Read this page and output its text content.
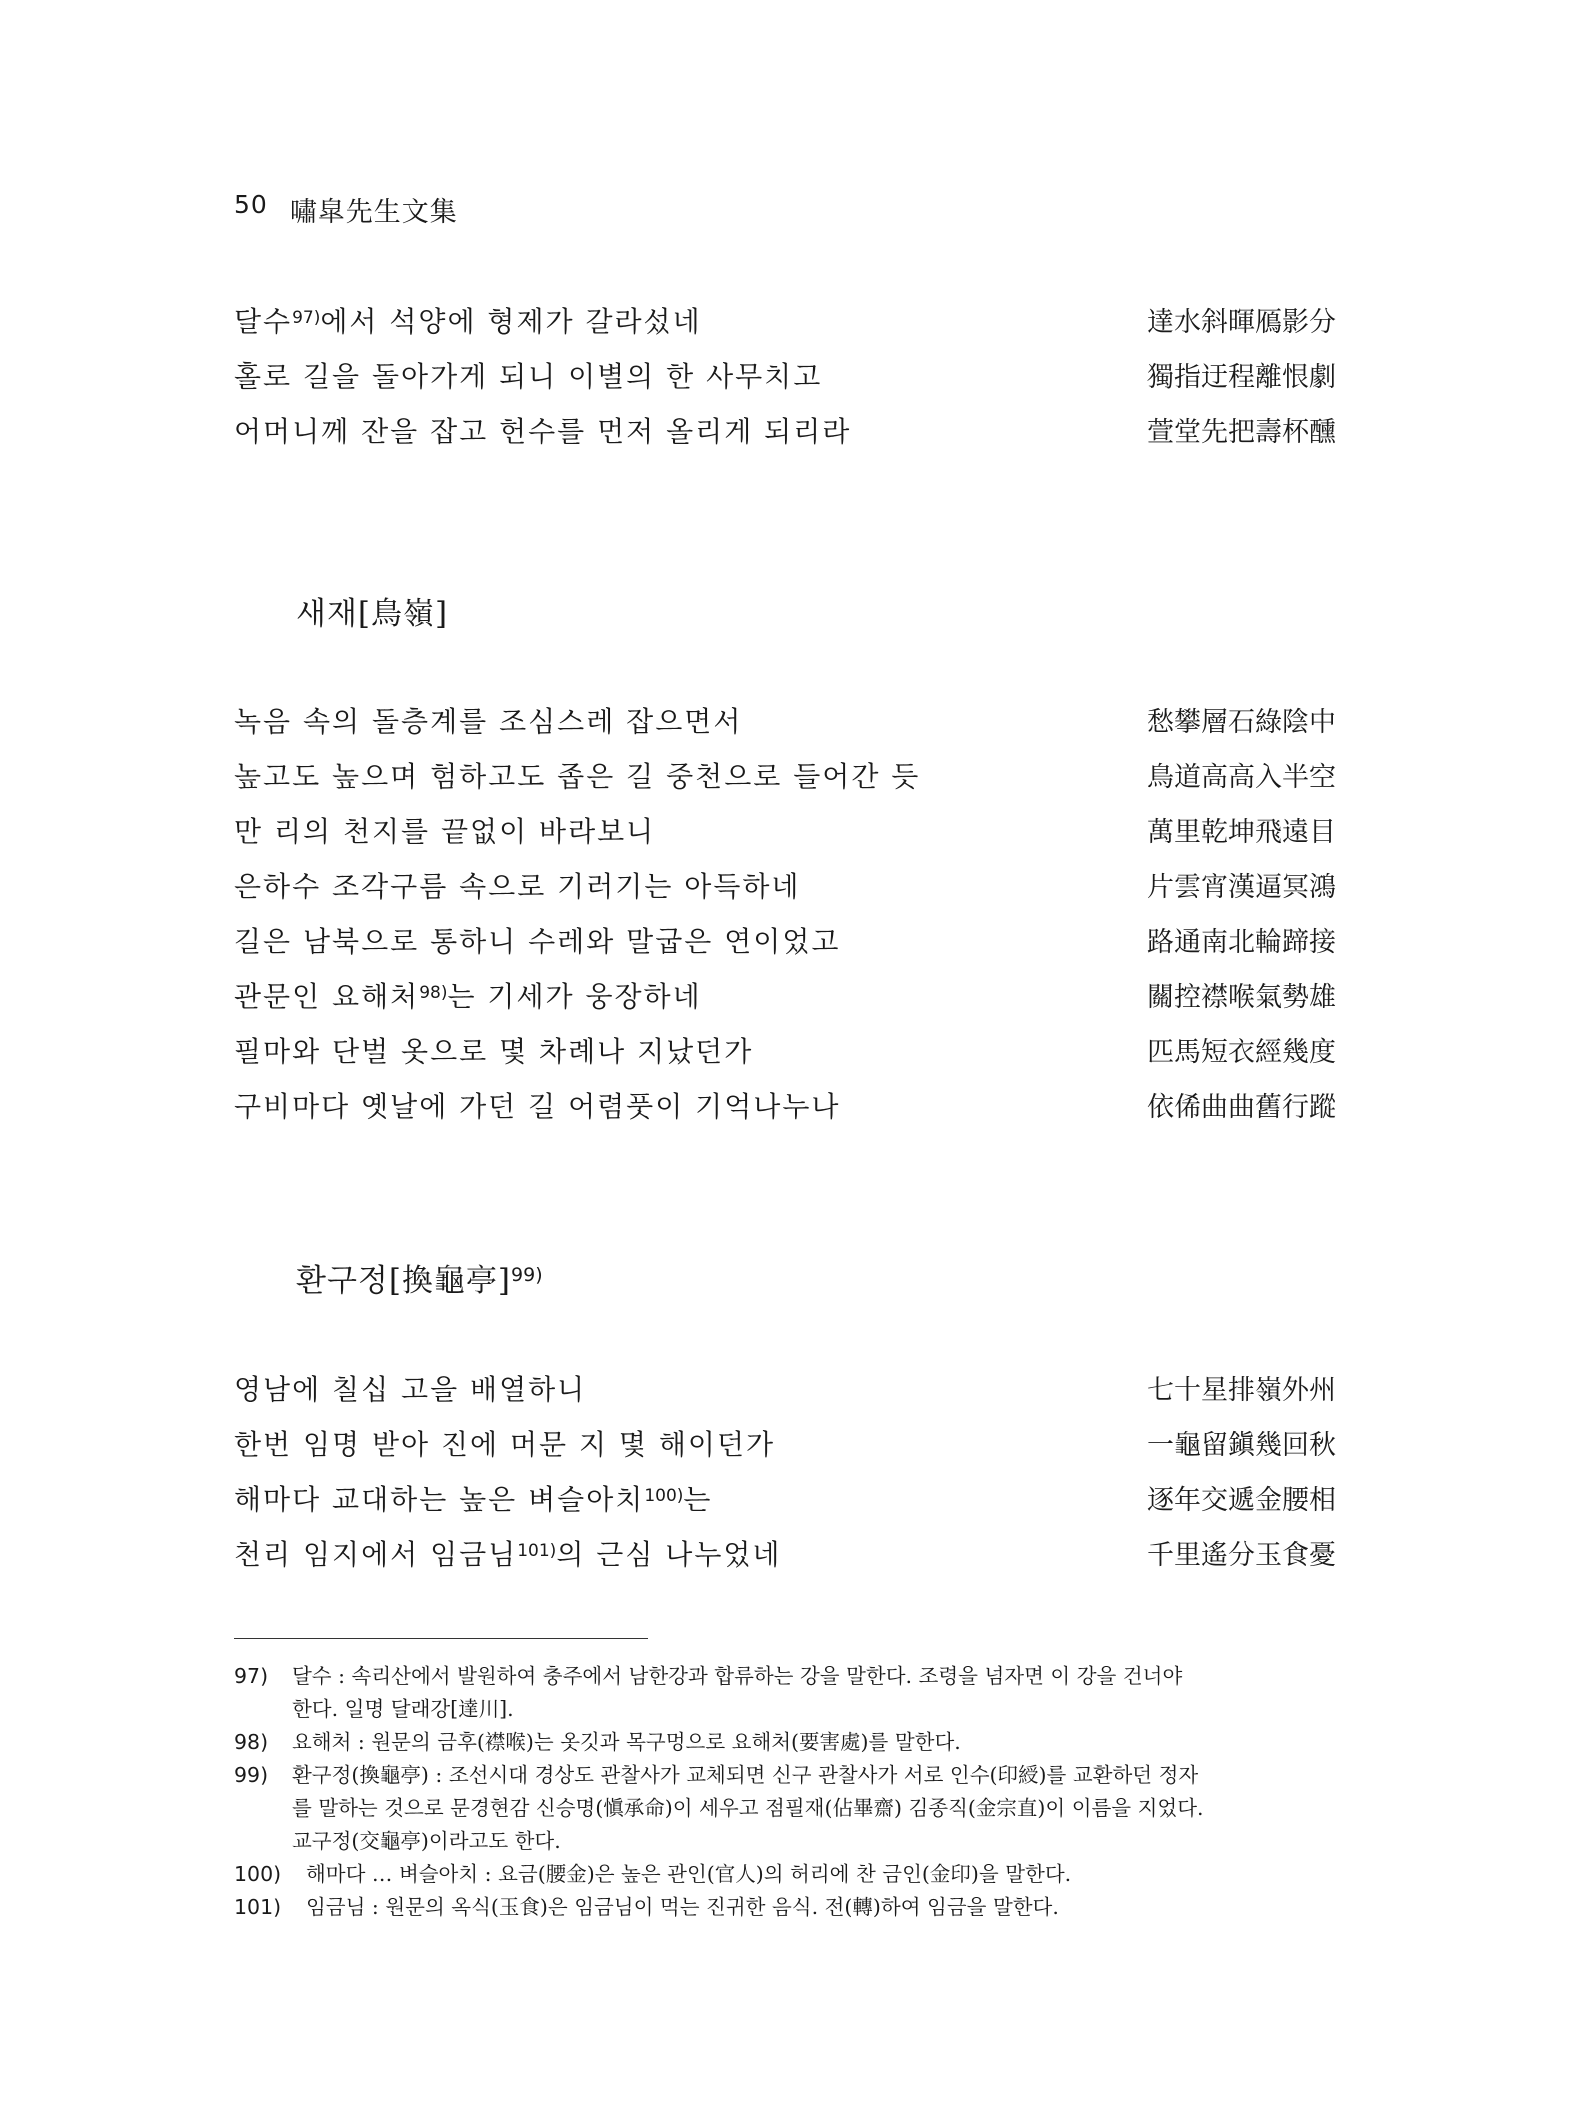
50 嘯皐先生文集
달수$^{97)}$에서 석양에 형제가 갈라섰네	達水斜暉鴈影分
홀로 길을 돌아가게 되니 이별의 한 사무치고	獨指迂程離恨劇
어머니께 잔을 잡고 헌수를 먼저 올리게 되리라	萱堂先把壽杯醺
새재[鳥嶺]
녹음 속의 돌층계를 조심스레 잡으면서	愁攀層石綠陰中
높고도 높으며 험하고도 좁은 길 중천으로 들어간 듯	鳥道高高入半空
만 리의 천지를 끝없이 바라보니	萬里乾坤飛遠目
은하수 조각구름 속으로 기러기는 아득하네	片雲宵漢逼冥鴻
길은 남북으로 통하니 수레와 말굽은 연이었고	路通南北輪蹄接
관문인 요해처$^{98)}$는 기세가 웅장하네	關控襟喉氣勢雄
필마와 단벌 옷으로 몇 차례나 지났던가	匹馬短衣經幾度
구비마다 옛날에 가던 길 어렴풋이 기억나누나	依俙曲曲舊行蹤
환구정[換龜亭]$^{99)}$
영남에 칠십 고을 배열하니	七十星排嶺外州
한번 임명 받아 진에 머문 지 몇 해이던가	一龜留鎭幾回秋
해마다 교대하는 높은 벼슬아치$^{100)}$는	逐年交遞金腰相
천리 임지에서 임금님$^{101)}$의 근심 나누었네	千里遙分玉食憂
97)	달수 : 속리산에서 발원하여 충주에서 남한강과 합류하는 강을 말한다. 조령을 넘자면 이 강을 건너야
한다. 일명 달래강[達川].
98)	요해처 : 원문의 금후(襟喉)는 옷깃과 목구멍으로 요해처(要害處)를 말한다.
99)	환구정(換龜亭) : 조선시대 경상도 관찰사가 교체되면 신구 관찰사가 서로 인수(印綬)를 교환하던 정자
를 말하는 것으로 문경현감 신승명(愼承命)이 세우고 점필재(佔畢齋) 김종직(金宗直)이 이름을 지었다.
교구정(交龜亭)이라고도 한다.
100)	해마다 … 벼슬아치 : 요금(腰金)은 높은 관인(官人)의 허리에 찬 금인(金印)을 말한다.
101)	임금님 : 원문의 옥식(玉食)은 임금님이 먹는 진귀한 음식. 전(轉)하여 임금을 말한다.
